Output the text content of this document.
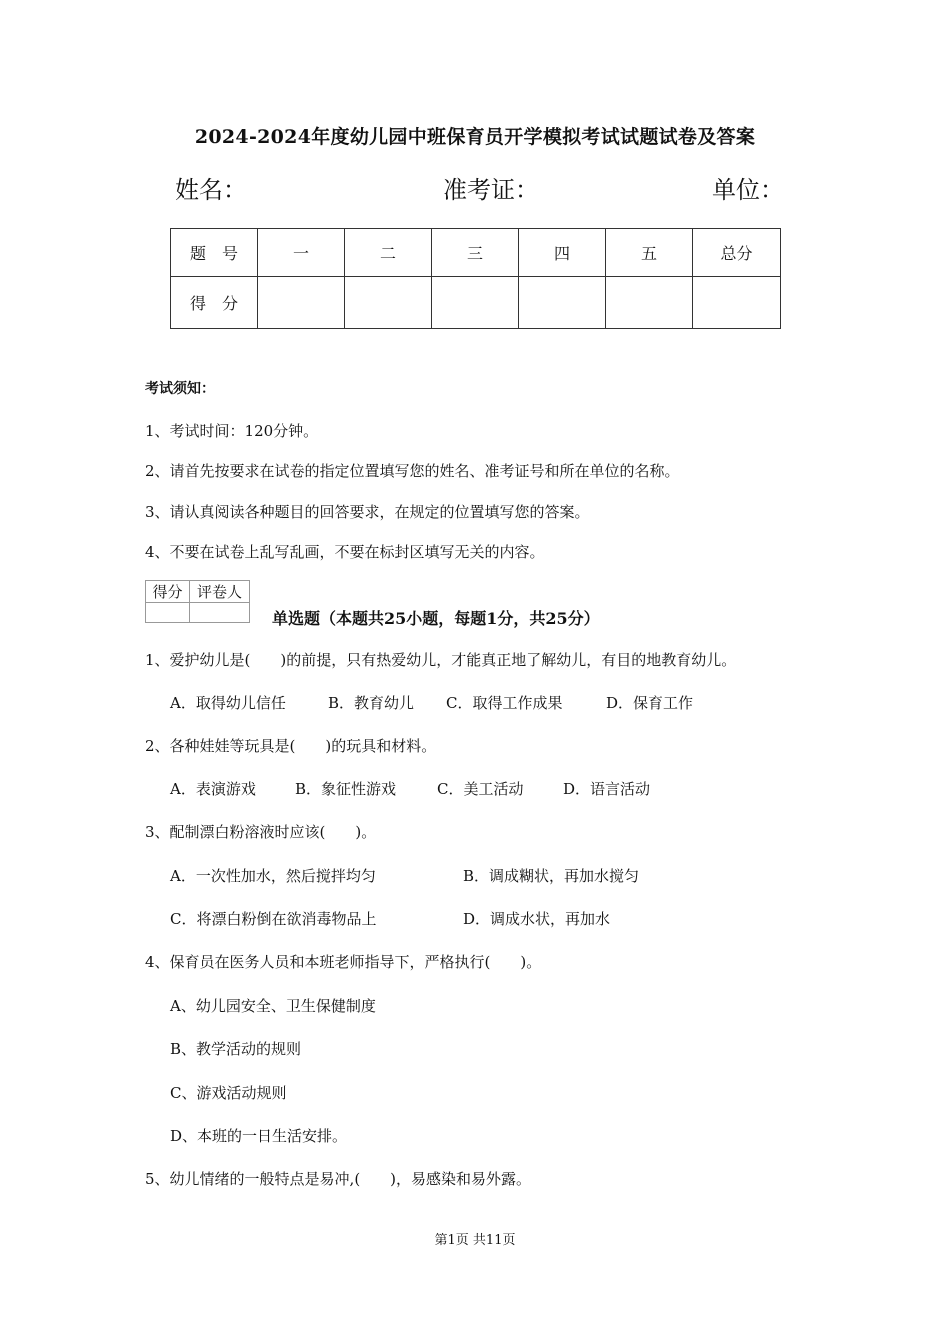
2024-2024年度幼儿园中班保育员开学模拟考试试题试卷及答案
姓名：	准考证：	单位：
题　号	一	二	三	四	五	总分
得　分						
考试须知：
1、考试时间：120分钟。
2、请首先按要求在试卷的指定位置填写您的姓名、准考证号和所在单位的名称。
3、请认真阅读各种题目的回答要求，在规定的位置填写您的答案。
4、不要在试卷上乱写乱画，不要在标封区填写无关的内容。
得分	评卷人

单选题（本题共25小题，每题1分，共25分）
1、爱护幼儿是(　　)的前提，只有热爱幼儿，才能真正地了解幼儿，有目的地教育幼儿。
A．取得幼儿信任	B．教育幼儿 C．取得工作成果	D．保育工作
2、各种娃娃等玩具是(　　)的玩具和材料。
A．表演游戏	B．象征性游戏	C．美工活动	D．语言活动
3、配制漂白粉溶液时应该(　　)。
A．一次性加水，然后搅拌均匀	B．调成糊状，再加水搅匀
C．将漂白粉倒在欲消毒物品上	D．调成水状，再加水
4、保育员在医务人员和本班老师指导下，严格执行(　　)。
A、幼儿园安全、卫生保健制度
B、教学活动的规则
C、游戏活动规则
D、本班的一日生活安排。
5、幼儿情绪的一般特点是易冲,(　　)，易感染和易外露。
第1页 共11页
